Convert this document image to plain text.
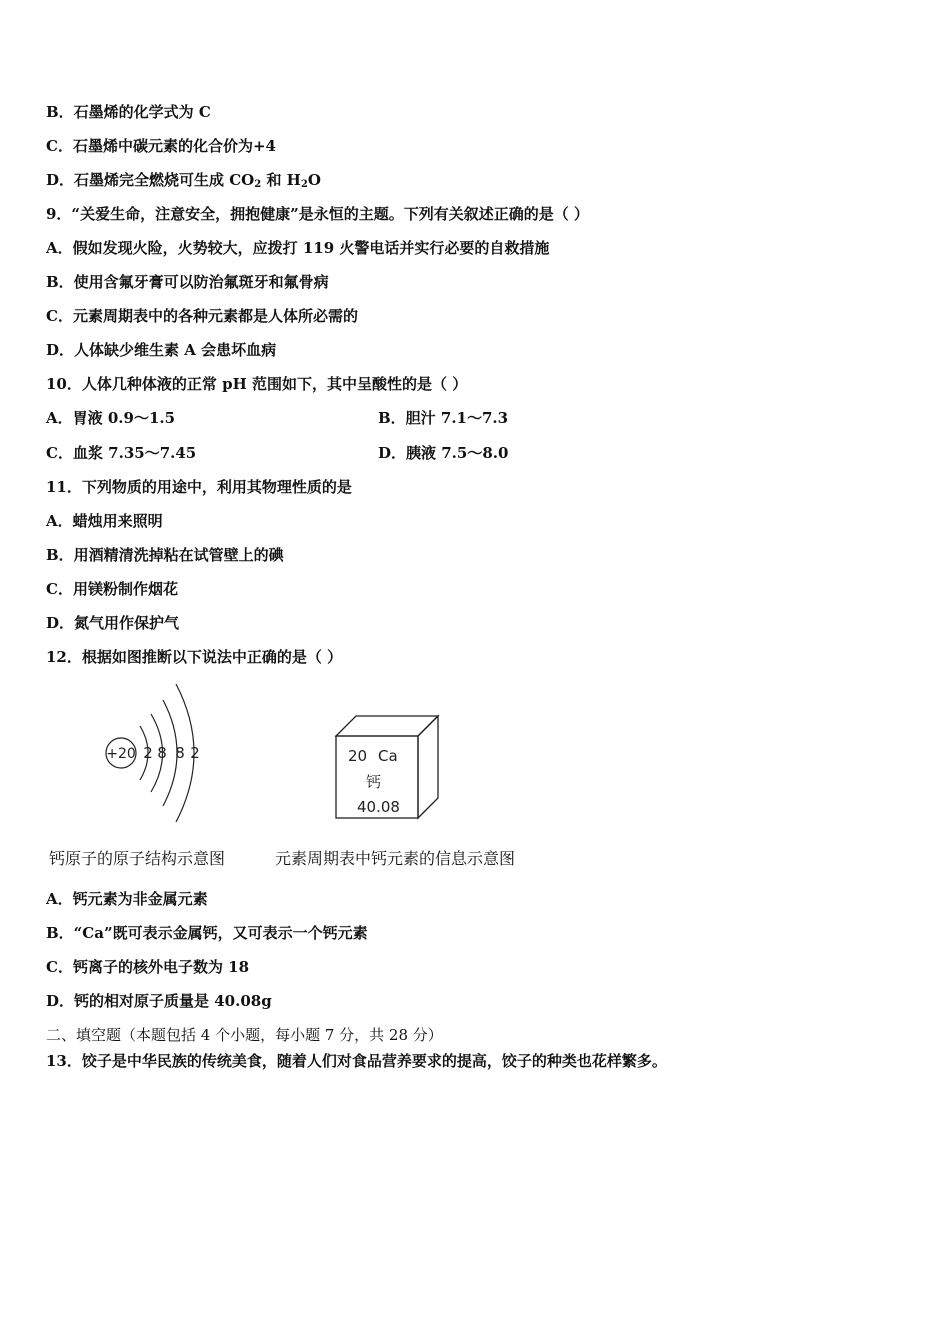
B．石墨烯的化学式为 C
C．石墨烯中碳元素的化合价为+4
D．石墨烯完全燃烧可生成 $CO_2$ 和 $H_2O$
9．“关爱生命，注意安全，拥抱健康”是永恒的主题。下列有关叙述正确的是（ ）
A．假如发现火险，火势较大，应拨打 119 火警电话并实行必要的自救措施
B．使用含氟牙膏可以防治氟斑牙和氟骨病
C．元素周期表中的各种元素都是人体所必需的
D．人体缺少维生素 A 会患坏血病
10．人体几种体液的正常 pH 范围如下，其中呈酸性的是（ ）
A．胃液 0.9～1.5	B．胆汁 7.1～7.3
C．血浆 7.35～7.45	D．胰液 7.5～8.0
11．下列物质的用途中，利用其物理性质的是
A．蜡烛用来照明
B．用酒精清洗掉粘在试管壁上的碘
C．用镁粉制作烟花
D．氮气用作保护气
12．根据如图推断以下说法中正确的是（ ）
+20 2 8 8 2	20 Ca
钙
40.08
钙原子的原子结构示意图	元素周期表中钙元素的信息示意图
A．钙元素为非金属元素
B．“Ca”既可表示金属钙，又可表示一个钙元素
C．钙离子的核外电子数为 18
D．钙的相对原子质量是 40.08g
二、填空题（本题包括 4 个小题，每小题 7 分，共 28 分）
13．饺子是中华民族的传统美食，随着人们对食品营养要求的提高，饺子的种类也花样繁多。
